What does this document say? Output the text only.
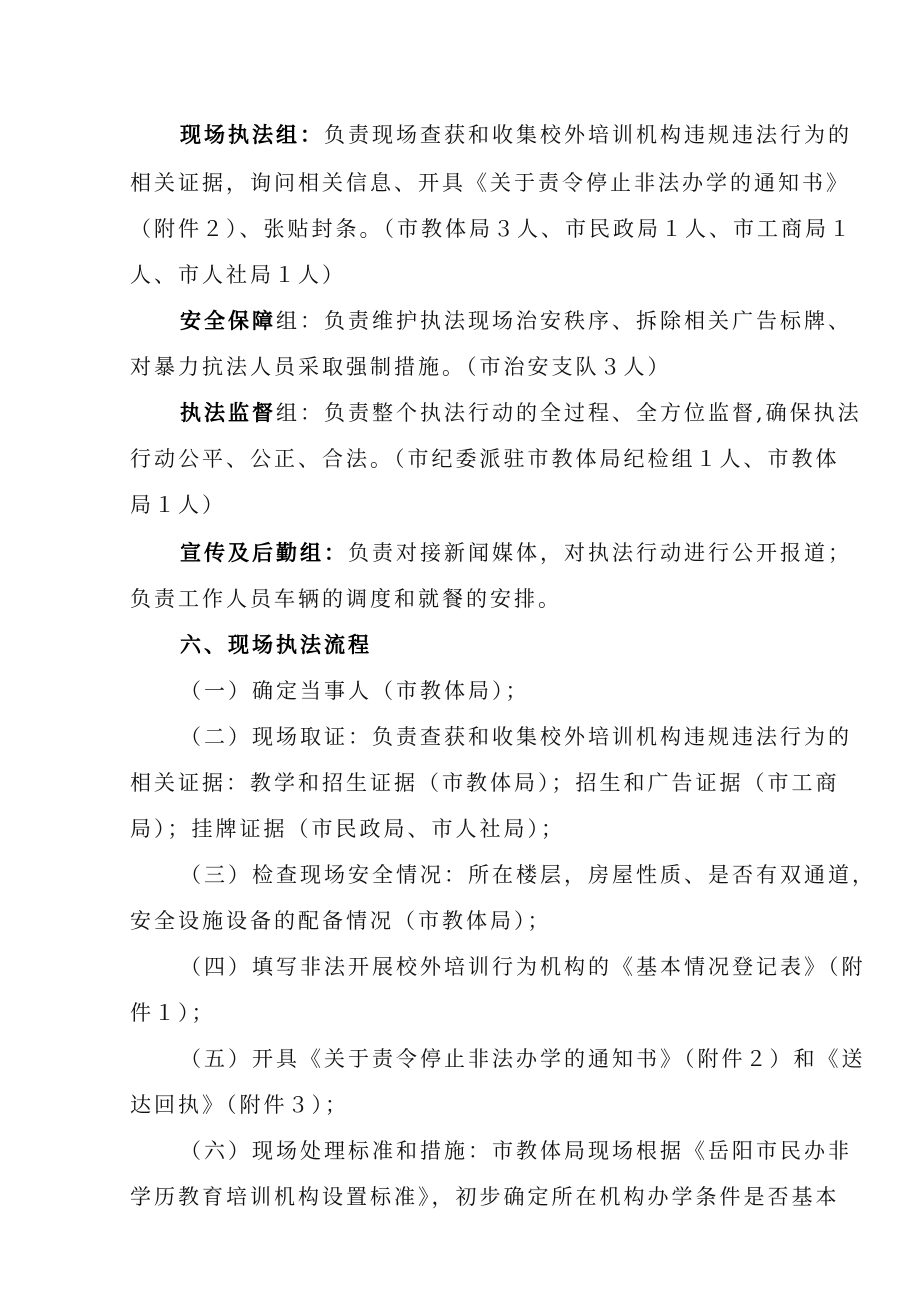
现场执法组：负责现场查获和收集校外培训机构违规违法行为的
相关证据，询问相关信息、开具《关于责令停止非法办学的通知书》
（附件２）、张贴封条。（市教体局３人、市民政局１人、市工商局１
人、市人社局１人）
安全保障组：负责维护执法现场治安秩序、拆除相关广告标牌、
对暴力抗法人员采取强制措施。（市治安支队３人）
执法监督组：负责整个执法行动的全过程、全方位监督,确保执法
行动公平、公正、合法。（市纪委派驻市教体局纪检组１人、市教体
局１人）
宣传及后勤组：负责对接新闻媒体，对执法行动进行公开报道；
负责工作人员车辆的调度和就餐的安排。
六、现场执法流程
（一）确定当事人（市教体局）；
（二）现场取证：负责查获和收集校外培训机构违规违法行为的
相关证据：教学和招生证据（市教体局）；招生和广告证据（市工商
局）；挂牌证据（市民政局、市人社局）；
（三）检查现场安全情况：所在楼层，房屋性质、是否有双通道，
安全设施设备的配备情况（市教体局）；
（四）填写非法开展校外培训行为机构的《基本情况登记表》（附
件１）；
（五）开具《关于责令停止非法办学的通知书》（附件２）和《送
达回执》（附件３）；
（六）现场处理标准和措施：市教体局现场根据《岳阳市民办非
学历教育培训机构设置标准》，初步确定所在机构办学条件是否基本
